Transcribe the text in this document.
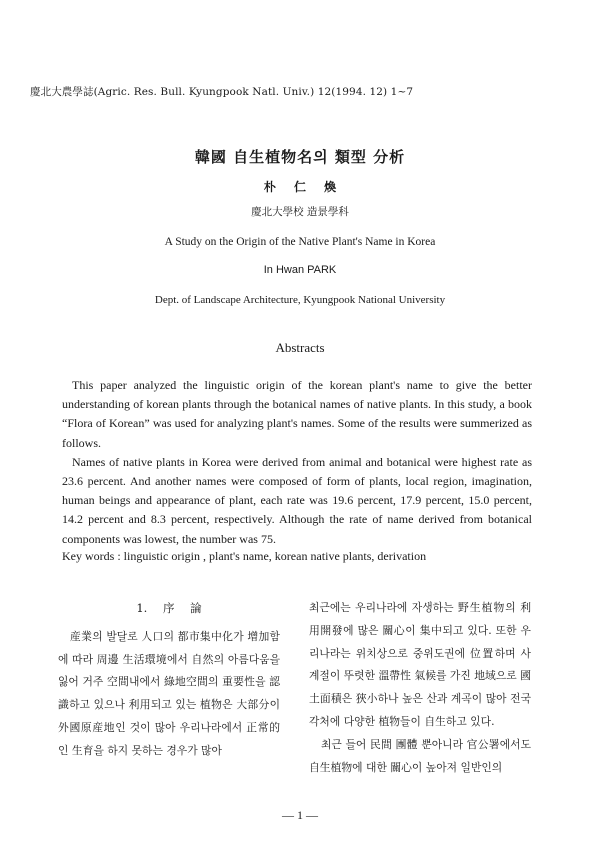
慶北大農學誌(Agric. Res. Bull. Kyungpook Natl. Univ.) 12(1994. 12) 1~7
韓國 自生植物名의 類型 分析
朴 仁 煥
慶北大學校 造景學科
A Study on the Origin of the Native Plant's Name in Korea
In Hwan PARK
Dept. of Landscape Architecture, Kyungpook National University
Abstracts

This paper analyzed the linguistic origin of the korean plant's name to give the better understanding of korean plants through the botanical names of native plants. In this study, a book “Flora of Korean” was used for analyzing plant's names. Some of the results were summerized as follows.

Names of native plants in Korea were derived from animal and botanical were highest rate as 23.6 percent. And another names were composed of form of plants, local region, imagination, human beings and appearance of plant, each rate was 19.6 percent, 17.9 percent, 15.0 percent, 14.2 percent and 8.3 percent, respectively. Although the rate of name derived from botanical components was lowest, the number was 75.

Key words : linguistic origin , plant's name, korean native plants, derivation

1. 序 論

産業의 발달로 人口의 都市集中化가 增加함에 따라 周邊 生活環境에서 自然의 아름다움을 잃어 거주 空間내에서 綠地空間의 重要性을 認識하고 있으나 利用되고 있는 植物은 大部分이 外國原産地인 것이 많아 우리나라에서 正常的인 生育을 하지 못하는 경우가 많아

최근에는 우리나라에 자생하는 野生植物의 利用開發에 많은 關心이 集中되고 있다. 또한 우리나라는 위치상으로 중위도권에 位置하며 사계절이 뚜렷한 溫帶性 氣候를 가진 地域으로 國土面積은 狹小하나 높은 산과 계곡이 많아 전국 각처에 다양한 植物들이 自生하고 있다.

최근 들어 民間 團體 뿐아니라 官公署에서도 自生植物에 대한 關心이 높아져 일반인의

— 1 —
